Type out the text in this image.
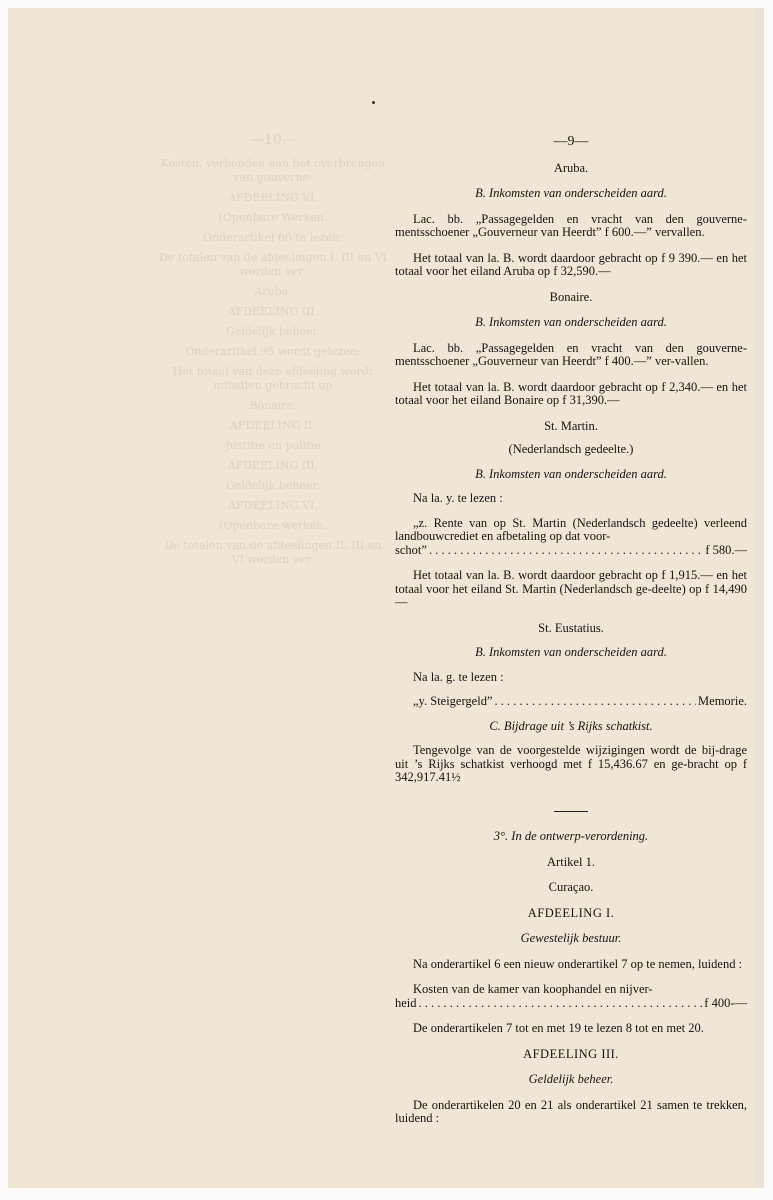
—10—
Kosten, verbonden aan het overbrengen van gouverne-
AFDEELING VI.
(Openbare Werken.
Onderartikel 60 te lezen:
De totalen van de afdeelingen I, III en VI worden ver-
Aruba.
AFDEELING III.
Geldelijk beheer.
Onderartikel 95 wordt gelezen:
Het totaal van deze afdeeling wordt mitsdien gebracht op
Bonaire.
AFDEELING II.
Justitie en politie
AFDEELING III.
Geldelijk beheer.
AFDEELING VI.
(Openbare werken.
De totalen van de afdeelingen II, III en VI worden ver-
—9—
Aruba.
B. Inkomsten van onderscheiden aard.

Lac. bb. „Passagegelden en vracht van den gouverne-mentsschoener „Gouverneur van Heerdt” f 600.—” vervallen.

Het totaal van la. B. wordt daardoor gebracht op f 9 390.— en het totaal voor het eiland Aruba op f 32,590.—

Bonaire.
B. Inkomsten van onderscheiden aard.

Lac. bb. „Passagegelden en vracht van den gouverne-mentsschoener „Gouverneur van Heerdt” f 400.—” ver-vallen.

Het totaal van la. B. wordt daardoor gebracht op f 2,340.— en het totaal voor het eiland Bonaire op f 31,390.—

St. Martin.
(Nederlandsch gedeelte.)
B. Inkomsten van onderscheiden aard.

Na la. y. te lezen :

„z. Rente van op St. Martin (Nederlandsch gedeelte) verleend landbouwcrediet en afbetaling op dat voor-

schot” . . .	f 580.—

Het totaal van la. B. wordt daardoor gebracht op f 1,915.— en het totaal voor het eiland St. Martin (Nederlandsch ge-deelte) op f 14,490 —

St. Eustatius.
B. Inkomsten van onderscheiden aard.

Na la. g. te lezen :

„y. Steigergeld” . . .	Memorie.
C. Bijdrage uit ’s Rijks schatkist.

Tengevolge van de voorgestelde wijzigingen wordt de bij-drage uit ’s Rijks schatkist verhoogd met f 15,436.67 en ge-bracht op f 342,917.41½

3°. In de ontwerp-verordening.
Artikel 1.
Curaçao.
AFDEELING I.
Gewestelijk bestuur.

Na onderartikel 6 een nieuw onderartikel 7 op te nemen, luidend :

Kosten van de kamer van koophandel en nijver-

heid . . .	f 400-—

De onderartikelen 7 tot en met 19 te lezen 8 tot en met 20.

AFDEELING III.
Geldelijk beheer.

De onderartikelen 20 en 21 als onderartikel 21 samen te trekken, luidend :
